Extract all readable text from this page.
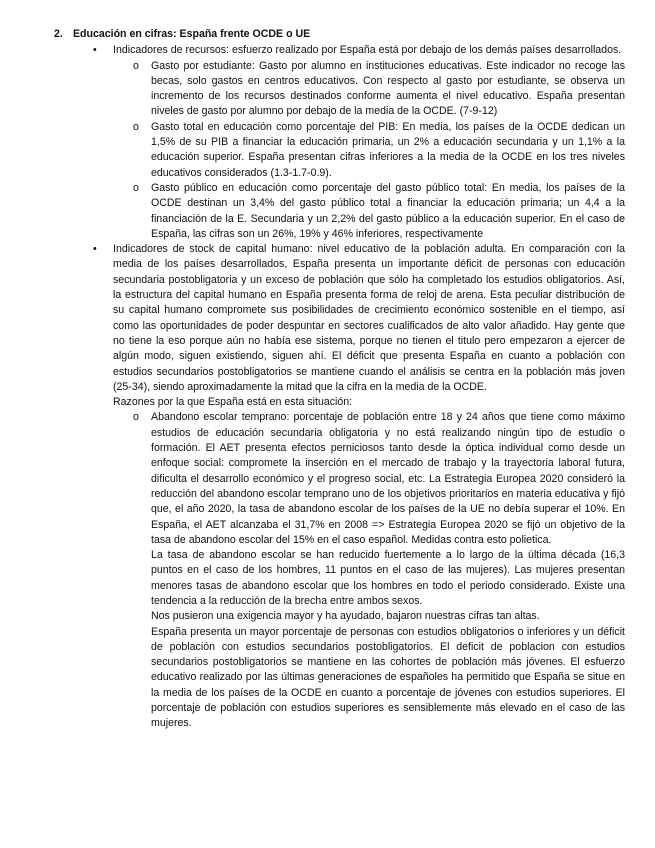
2. Educación en cifras: España frente OCDE o UE
• Indicadores de recursos: esfuerzo realizado por España está por debajo de los demás países desarrollados.
o Gasto por estudiante: Gasto por alumno en instituciones educativas. Este indicador no recoge las becas, solo gastos en centros educativos. Con respecto al gasto por estudiante, se observa un incremento de los recursos destinados conforme aumenta el nivel educativo. España presentan niveles de gasto por alumno por debajo de la media de la OCDE. (7-9-12)
o Gasto total en educación como porcentaje del PIB: En media, los países de la OCDE dedican un 1,5% de su PIB a financiar la educación primaria, un 2% a educación secundaria y un 1,1% a la educación superior. España presentan cifras inferiores a la media de la OCDE en los tres niveles educativos considerados (1.3-1.7-0.9).
o Gasto público en educación como porcentaje del gasto público total: En media, los países de la OCDE destinan un 3,4% del gasto público total a financiar la educación primaria; un 4,4 a la financiación de la E. Secundaria y un 2,2% del gasto público a la educación superior. En el caso de España, las cifras son un 26%, 19% y 46% inferiores, respectivamente
• Indicadores de stock de capital humano: nivel educativo de la población adulta. En comparación con la media de los países desarrollados, España presenta un importante déficit de personas con educación secundaria postobligatoria y un exceso de población que sólo ha completado los estudios obligatorios. Así, la estructura del capital humano en España presenta forma de reloj de arena. Esta peculiar distribución de su capital humano compromete sus posibilidades de crecimiento económico sostenible en el tiempo, así como las oportunidades de poder despuntar en sectores cualificados de alto valor añadido. Hay gente que no tiene la eso porque aún no había ese sistema, porque no tienen el titulo pero empezaron a ejercer de algún modo, siguen existiendo, siguen ahí. El déficit que presenta España en cuanto a población con estudios secundarios postobligatorios se mantiene cuando el análisis se centra en la población más joven (25-34), siendo aproximadamente la mitad que la cifra en la media de la OCDE.
Razones por la que España está en esta situación:
o Abandono escolar temprano: porcentaje de población entre 18 y 24 años que tiene como máximo estudios de educación secundaria obligatoria y no está realizando ningún tipo de estudio o formación. El AET presenta efectos perniciosos tanto desde la óptica individual como desde un enfoque social: compromete la inserción en el mercado de trabajo y la trayectoria laboral futura, dificulta el desarrollo económico y el progreso social, etc. La Estrategia Europea 2020 consideró la reducción del abandono escolar temprano uno de los objetivos prioritarios en materia educativa y fijó que, el año 2020, la tasa de abandono escolar de los países de la UE no debía superar el 10%. En España, el AET alcanzaba el 31,7% en 2008 => Estrategia Europea 2020 se fijó un objetivo de la tasa de abandono escolar del 15% en el caso español. Medidas contra esto polietica.
La tasa de abandono escolar se han reducido fuertemente a lo largo de la última década (16,3 puntos en el caso de los hombres, 11 puntos en el caso de las mujeres). Las mujeres presentan menores tasas de abandono escolar que los hombres en todo el periodo considerado. Existe una tendencia a la reducción de la brecha entre ambos sexos.
Nos pusieron una exigencia mayor y ha ayudado, bajaron nuestras cifras tan altas.
España presenta un mayor porcentaje de personas con estudios obligatorios o inferiores y un déficit de población con estudios secundarios postobligatorios. El deficit de poblacion con estudios secundarios postobligatorios se mantiene en las cohortes de población más jóvenes. El esfuerzo educativo realizado por las últimas generaciones de españoles ha permitido que España se situe en la media de los países de la OCDE en cuanto a porcentaje de jóvenes con estudios superiores. El porcentaje de población con estudios superiores es sensiblemente más elevado en el caso de las mujeres.
